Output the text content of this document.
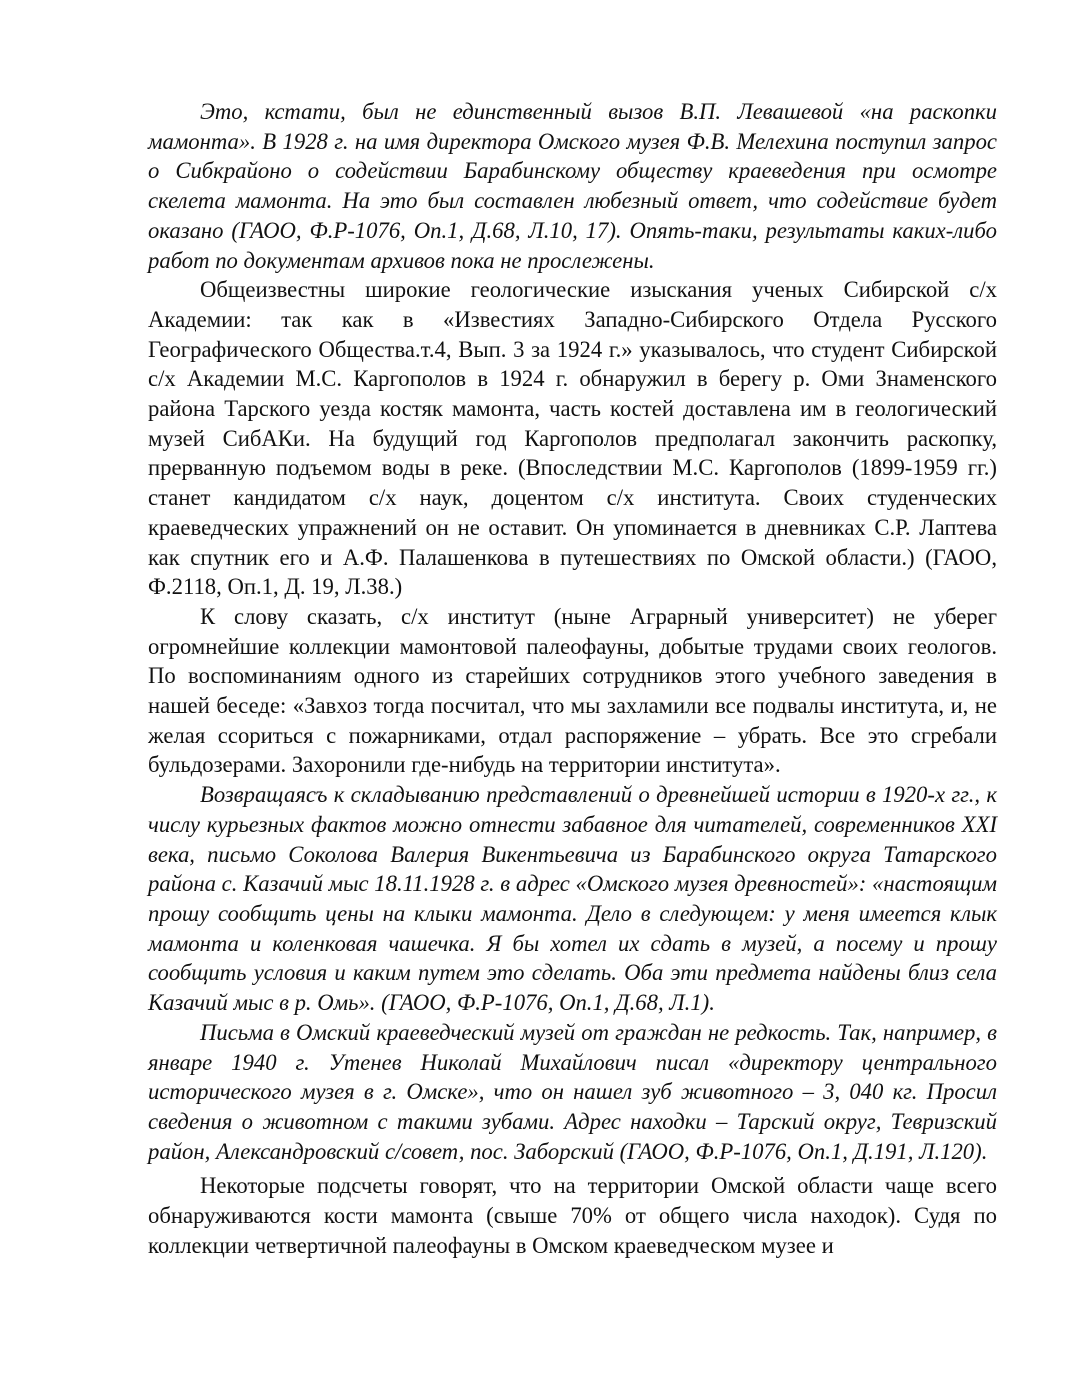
Это, кстати, был не единственный вызов В.П. Левашевой «на раскопки мамонта». В 1928 г. на имя директора Омского музея Ф.В. Мелехина поступил запрос о Сибкрайоно о содействии Барабинскому обществу краеведения при осмотре скелета мамонта. На это был составлен любезный ответ, что содействие будет оказано (ГАОО, Ф.Р-1076, Оп.1, Д.68, Л.10, 17). Опять-таки, результаты каких-либо работ по документам архивов пока не прослежены.

Общеизвестны широкие геологические изыскания ученых Сибирской с/х Академии: так как в «Известиях Западно-Сибирского Отдела Русского Географического Общества.т.4, Вып. 3 за 1924 г.» указывалось, что студент Сибирской с/х Академии М.С. Каргополов в 1924 г. обнаружил в берегу р. Оми Знаменского района Тарского уезда костяк мамонта, часть костей доставлена им в геологический музей СибАКи. На будущий год Каргополов предполагал закончить раскопку, прерванную подъемом воды в реке. (Впоследствии М.С. Каргополов (1899-1959 гг.) станет кандидатом с/х наук, доцентом с/х института. Своих студенческих краеведческих упражнений он не оставит. Он упоминается в дневниках С.Р. Лаптева как спутник его и А.Ф. Палашенкова в путешествиях по Омской области.) (ГАОО, Ф.2118, Оп.1, Д. 19, Л.38.)

К слову сказать, с/х институт (ныне Аграрный университет) не уберег огромнейшие коллекции мамонтовой палеофауны, добытые трудами своих геологов. По воспоминаниям одного из старейших сотрудников этого учебного заведения в нашей беседе: «Завхоз тогда посчитал, что мы захламили все подвалы института, и, не желая ссориться с пожарниками, отдал распоряжение – убрать. Все это сгребали бульдозерами. Захоронили где-нибудь на территории института».

Возвращаясъ к складыванию представлений о древнейшей истории в 1920-х гг., к числу курьезных фактов можно отнести забавное для читателей, современников XXI века, письмо Соколова Валерия Викентьевича из Барабинского округа Татарского района с. Казачий мыс 18.11.1928 г. в адрес «Омского музея древностей»: «настоящим прошу сообщить цены на клыки мамонта. Дело в следующем: у меня имеется клык мамонта и коленковая чашечка. Я бы хотел их сдать в музей, а посему и прошу сообщить условия и каким путем это сделать. Оба эти предмета найдены близ села Казачий мыс в р. Омь». (ГАОО, Ф.Р-1076, Оп.1, Д.68, Л.1).

Письма в Омский краеведческий музей от граждан не редкость. Так, например, в январе 1940 г. Утенев Николай Михайлович писал «директору центрального исторического музея в г. Омске», что он нашел зуб животного – 3, 040 кг. Просил сведения о животном с такими зубами. Адрес находки – Тарский округ, Тевризский район, Александровский с/совет, пос. Заборский (ГАОО, Ф.Р-1076, Оп.1, Д.191, Л.120).

Некоторые подсчеты говорят, что на территории Омской области чаще всего обнаруживаются кости мамонта (свыше 70% от общего числа находок). Судя по коллекции четвертичной палеофауны в Омском краеведческом музее и
